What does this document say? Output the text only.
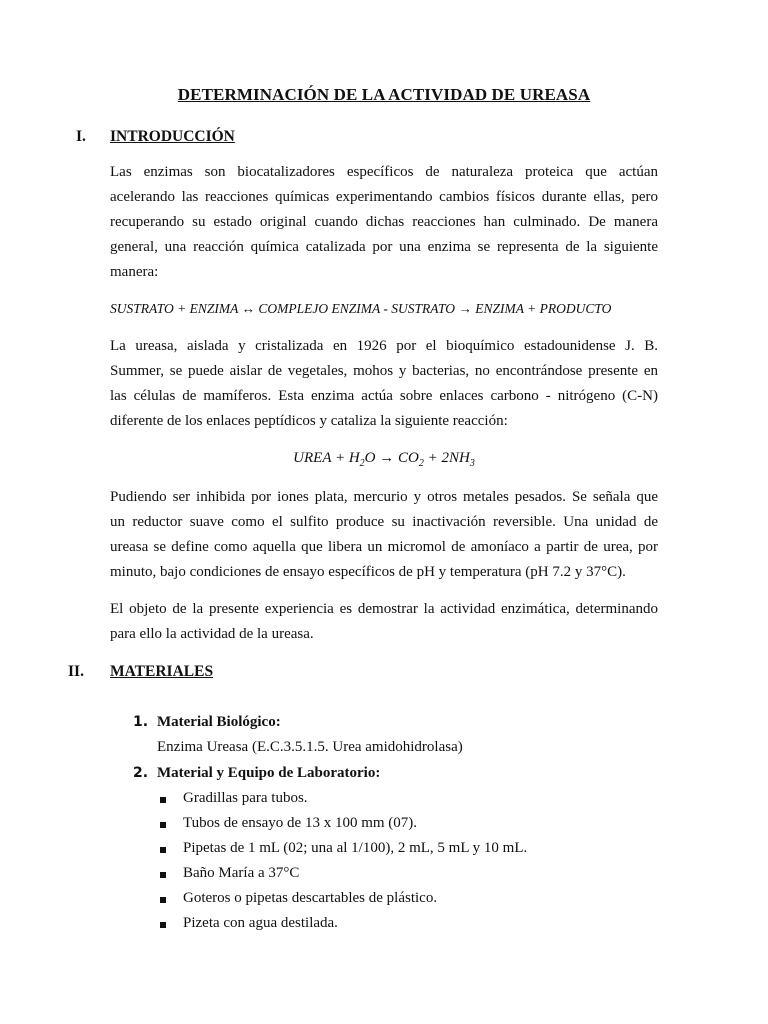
DETERMINACIÓN DE LA ACTIVIDAD DE UREASA
I. INTRODUCCIÓN
Las enzimas son biocatalizadores específicos de naturaleza proteica que actúan
acelerando las reacciones químicas experimentando cambios físicos durante ellas, pero
recuperando su estado original cuando dichas reacciones han culminado. De manera
general, una reacción química catalizada por una enzima se representa de la siguiente
manera:
SUSTRATO + ENZIMA ↔ COMPLEJO ENZIMA - SUSTRATO → ENZIMA + PRODUCTO
La ureasa, aislada y cristalizada en 1926 por el bioquímico estadounidense J. B.
Summer, se puede aislar de vegetales, mohos y bacterias, no encontrándose presente en
las células de mamíferos. Esta enzima actúa sobre enlaces carbono - nitrógeno (C-N)
diferente de los enlaces peptídicos y cataliza la siguiente reacción:
UREA + $H_2O \to CO_2 + 2NH_3$
Pudiendo ser inhibida por iones plata, mercurio y otros metales pesados. Se señala que
un reductor suave como el sulfito produce su inactivación reversible. Una unidad de
ureasa se define como aquella que libera un micromol de amoníaco a partir de urea, por
minuto, bajo condiciones de ensayo específicos de pH y temperatura (pH 7.2 y 37°C).
El objeto de la presente experiencia es demostrar la actividad enzimática, determinando
para ello la actividad de la ureasa.
II. MATERIALES
1. Material Biológico:
Enzima Ureasa (E.C.3.5.1.5. Urea amidohidrolasa)
2. Material y Equipo de Laboratorio:
Gradillas para tubos.
Tubos de ensayo de 13 x 100 mm (07).
Pipetas de 1 mL (02; una al 1/100), 2 mL, 5 mL y 10 mL.
Baño María a 37°C
Goteros o pipetas descartables de plástico.
Pizeta con agua destilada.
